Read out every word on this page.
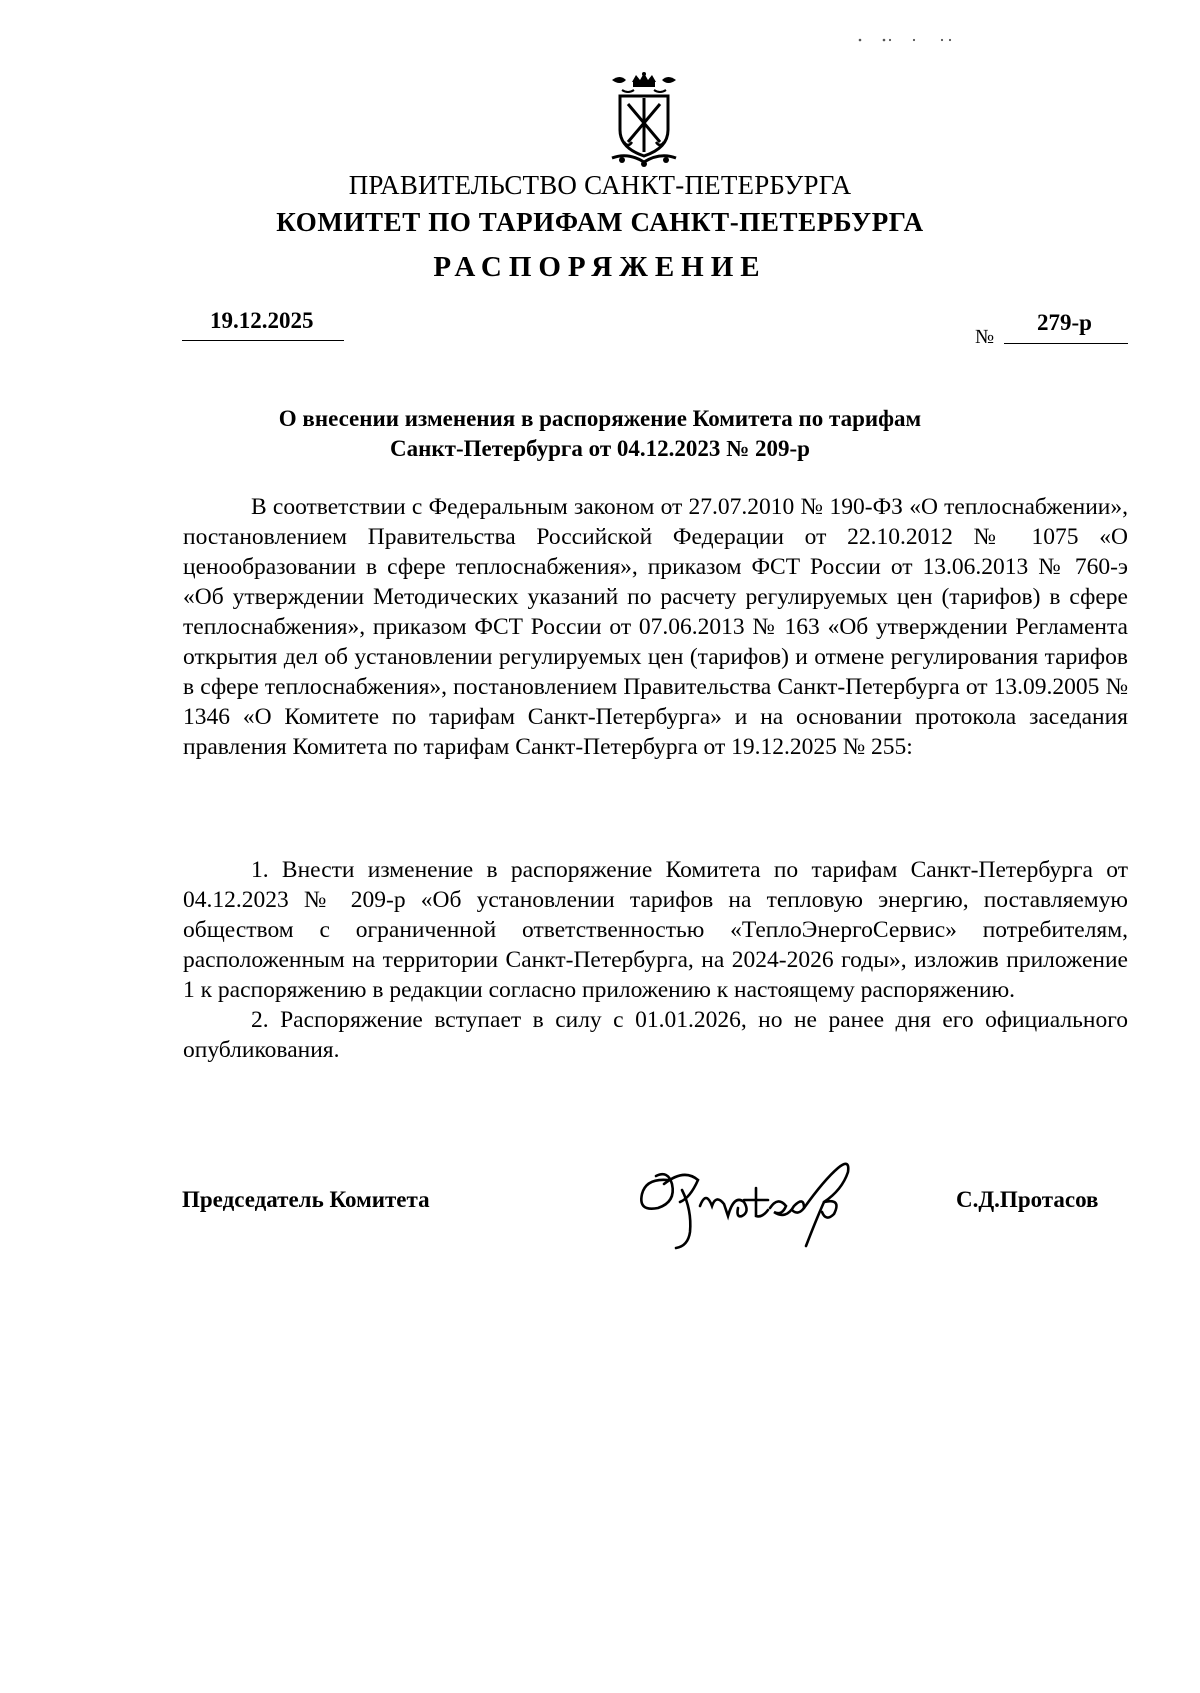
ПРАВИТЕЛЬСТВО САНКТ-ПЕТЕРБУРГА
КОМИТЕТ ПО ТАРИФАМ САНКТ-ПЕТЕРБУРГА
РАСПОРЯЖЕНИЕ
19.12.2025
№
279-р
О внесении изменения в распоряжение Комитета по тарифам
Санкт-Петербурга от 04.12.2023 № 209-р

В соответствии с Федеральным законом от 27.07.2010 № 190-ФЗ «О теплоснабжении», постановлением Правительства Российской Федерации от 22.10.2012 № 1075 «О ценообразовании в сфере теплоснабжения», приказом ФСТ России от 13.06.2013 № 760-э «Об утверждении Методических указаний по расчету регулируемых цен (тарифов) в сфере теплоснабжения», приказом ФСТ России от 07.06.2013 № 163 «Об утверждении Регламента открытия дел об установлении регулируемых цен (тарифов) и отмене регулирования тарифов в сфере теплоснабжения», постановлением Правительства Санкт-Петербурга от 13.09.2005 № 1346 «О Комитете по тарифам Санкт-Петербурга» и на основании протокола заседания правления Комитета по тарифам Санкт-Петербурга от 19.12.2025 № 255:

1. Внести изменение в распоряжение Комитета по тарифам Санкт-Петербурга от 04.12.2023 № 209-р «Об установлении тарифов на тепловую энергию, поставляемую обществом с ограниченной ответственностью «ТеплоЭнергоСервис» потребителям, расположенным на территории Санкт-Петербурга, на 2024-2026 годы», изложив приложение 1 к распоряжению в редакции согласно приложению к настоящему распоряжению.

2. Распоряжение вступает в силу с 01.01.2026, но не ранее дня его официального опубликования.

Председатель Комитета	С.Д.Протасов
